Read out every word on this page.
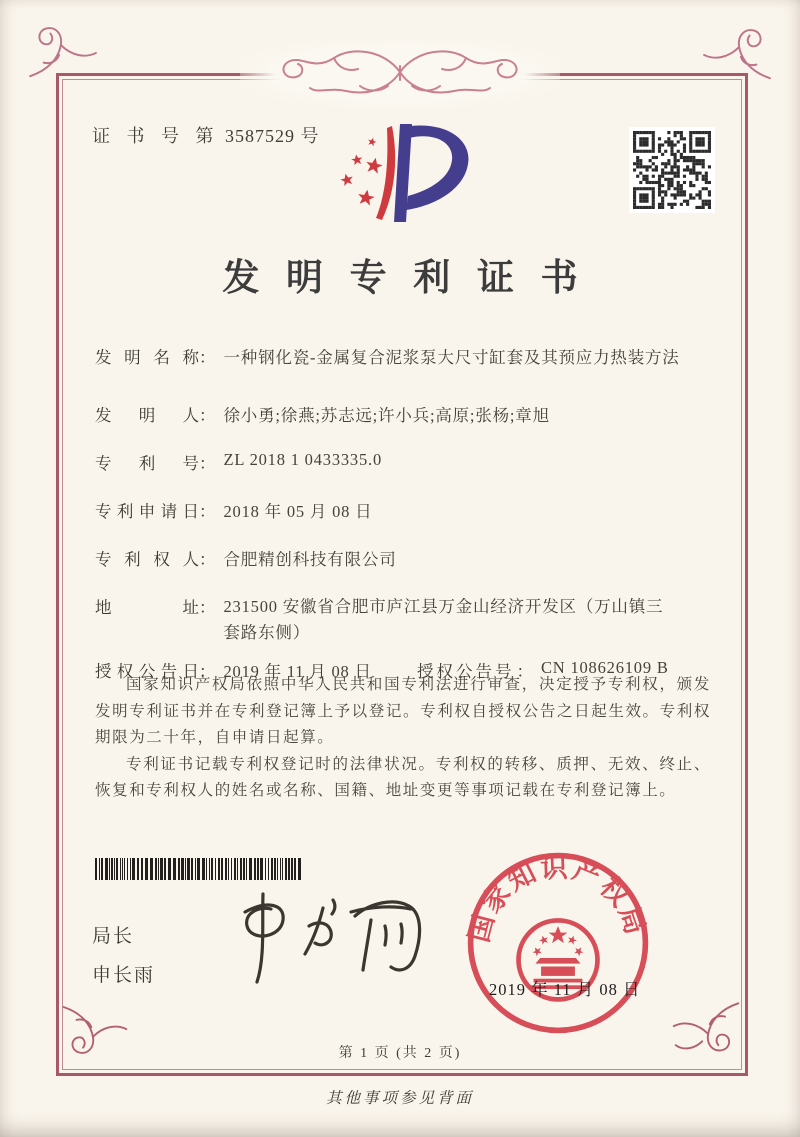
证 书 号 第 3587529 号
发明专利证书
发明名称 ： 一种钢化瓷-金属复合泥浆泵大尺寸缸套及其预应力热装方法
发明人 ： 徐小勇;徐燕;苏志远;许小兵;高原;张杨;章旭
专利号 ： ZL 2018 1 0433335.0
专利申请日 ： 2018 年 05 月 08 日
专利权人 ： 合肥精创科技有限公司
地址 ： 231500 安徽省合肥市庐江县万金山经济开发区（万山镇三套路东侧）
授权公告日 ： 2019 年 11 月 08 日	授权公告号 ： CN 108626109 B

国家知识产权局依照中华人民共和国专利法进行审查，决定授予专利权，颁发发明专利证书并在专利登记簿上予以登记。专利权自授权公告之日起生效。专利权期限为二十年，自申请日起算。

专利证书记载专利权登记时的法律状况。专利权的转移、质押、无效、终止、恢复和专利权人的姓名或名称、国籍、地址变更等事项记载在专利登记簿上。

局长
申长雨
国家知识产权局
2019 年 11 月 08 日
第 1 页 (共 2 页)
其他事项参见背面
